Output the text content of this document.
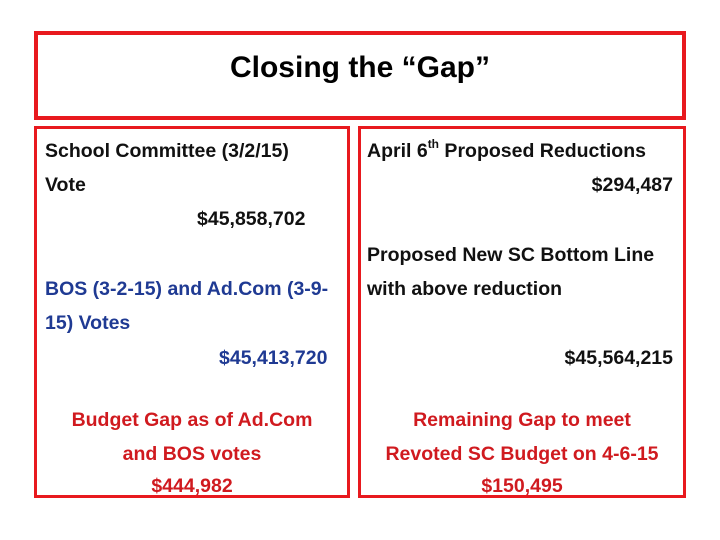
Closing the “Gap”
School Committee (3/2/15)
Vote
$45,858,702
BOS (3-2-15) and Ad.Com (3-9-
15) Votes
$45,413,720
Budget Gap as of Ad.Com
and BOS votes
$444,982
April 6th Proposed Reductions
$294,487
Proposed New SC Bottom Line
with above reduction
$45,564,215
Remaining Gap to meet
Revoted SC Budget on 4-6-15
$150,495
